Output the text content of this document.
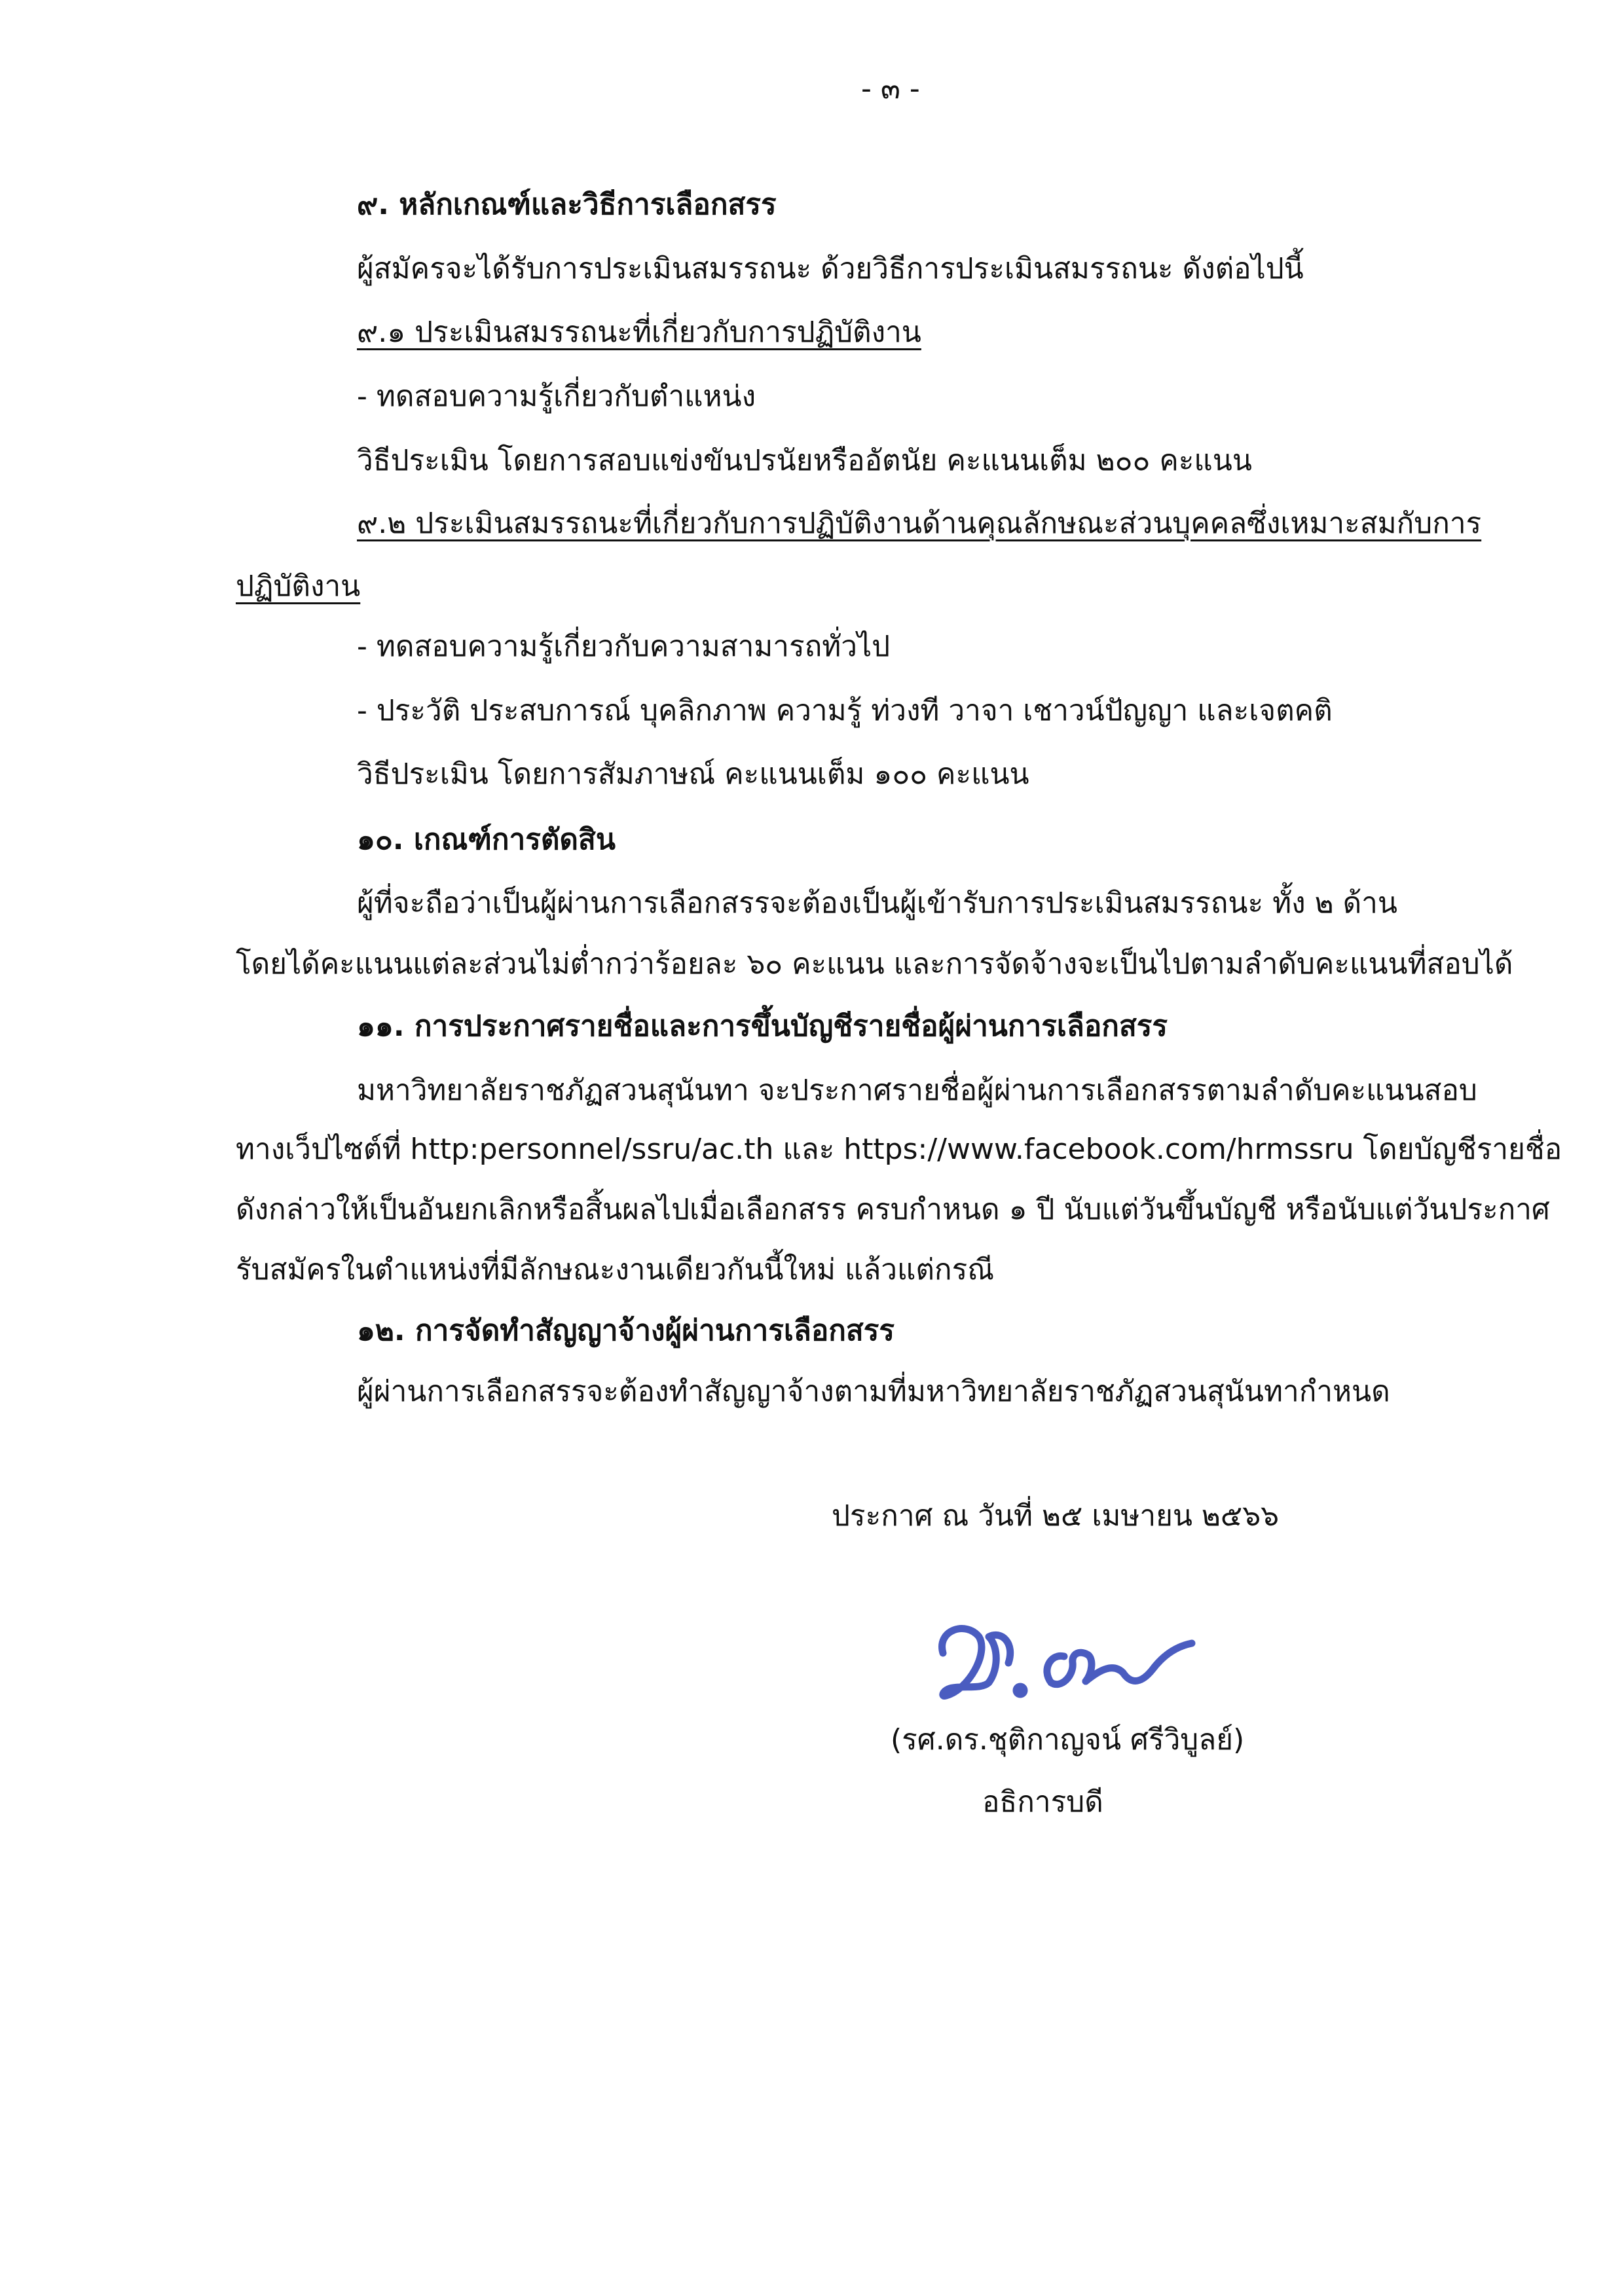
- ๓ -
๙. หลักเกณฑ์และวิธีการเลือกสรร
ผู้สมัครจะได้รับการประเมินสมรรถนะ ด้วยวิธีการประเมินสมรรถนะ ดังต่อไปนี้
๙.๑ ประเมินสมรรถนะที่เกี่ยวกับการปฏิบัติงาน
- ทดสอบความรู้เกี่ยวกับตำแหน่ง
วิธีประเมิน โดยการสอบแข่งขันปรนัยหรืออัตนัย คะแนนเต็ม ๒๐๐ คะแนน
๙.๒ ประเมินสมรรถนะที่เกี่ยวกับการปฏิบัติงานด้านคุณลักษณะส่วนบุคคลซึ่งเหมาะสมกับการ
ปฏิบัติงาน
- ทดสอบความรู้เกี่ยวกับความสามารถทั่วไป
- ประวัติ ประสบการณ์ บุคลิกภาพ ความรู้ ท่วงที วาจา เชาวน์ปัญญา และเจตคติ
วิธีประเมิน โดยการสัมภาษณ์ คะแนนเต็ม ๑๐๐ คะแนน
๑๐. เกณฑ์การตัดสิน
ผู้ที่จะถือว่าเป็นผู้ผ่านการเลือกสรรจะต้องเป็นผู้เข้ารับการประเมินสมรรถนะ ทั้ง ๒ ด้าน
โดยได้คะแนนแต่ละส่วนไม่ต่ำกว่าร้อยละ ๖๐ คะแนน และการจัดจ้างจะเป็นไปตามลำดับคะแนนที่สอบได้
๑๑. การประกาศรายชื่อและการขึ้นบัญชีรายชื่อผู้ผ่านการเลือกสรร
มหาวิทยาลัยราชภัฏสวนสุนันทา จะประกาศรายชื่อผู้ผ่านการเลือกสรรตามลำดับคะแนนสอบ
ทางเว็ปไซต์ที่ http:personnel/ssru/ac.th และ https://www.facebook.com/hrmssru โดยบัญชีรายชื่อ
ดังกล่าวให้เป็นอันยกเลิกหรือสิ้นผลไปเมื่อเลือกสรร ครบกำหนด ๑ ปี นับแต่วันขึ้นบัญชี หรือนับแต่วันประกาศ
รับสมัครในตำแหน่งที่มีลักษณะงานเดียวกันนี้ใหม่ แล้วแต่กรณี
๑๒. การจัดทำสัญญาจ้างผู้ผ่านการเลือกสรร
ผู้ผ่านการเลือกสรรจะต้องทำสัญญาจ้างตามที่มหาวิทยาลัยราชภัฏสวนสุนันทากำหนด
ประกาศ ณ วันที่ ๒๕ เมษายน ๒๕๖๖
(รศ.ดร.ชุติกาญจน์ ศรีวิบูลย์)
อธิการบดี
